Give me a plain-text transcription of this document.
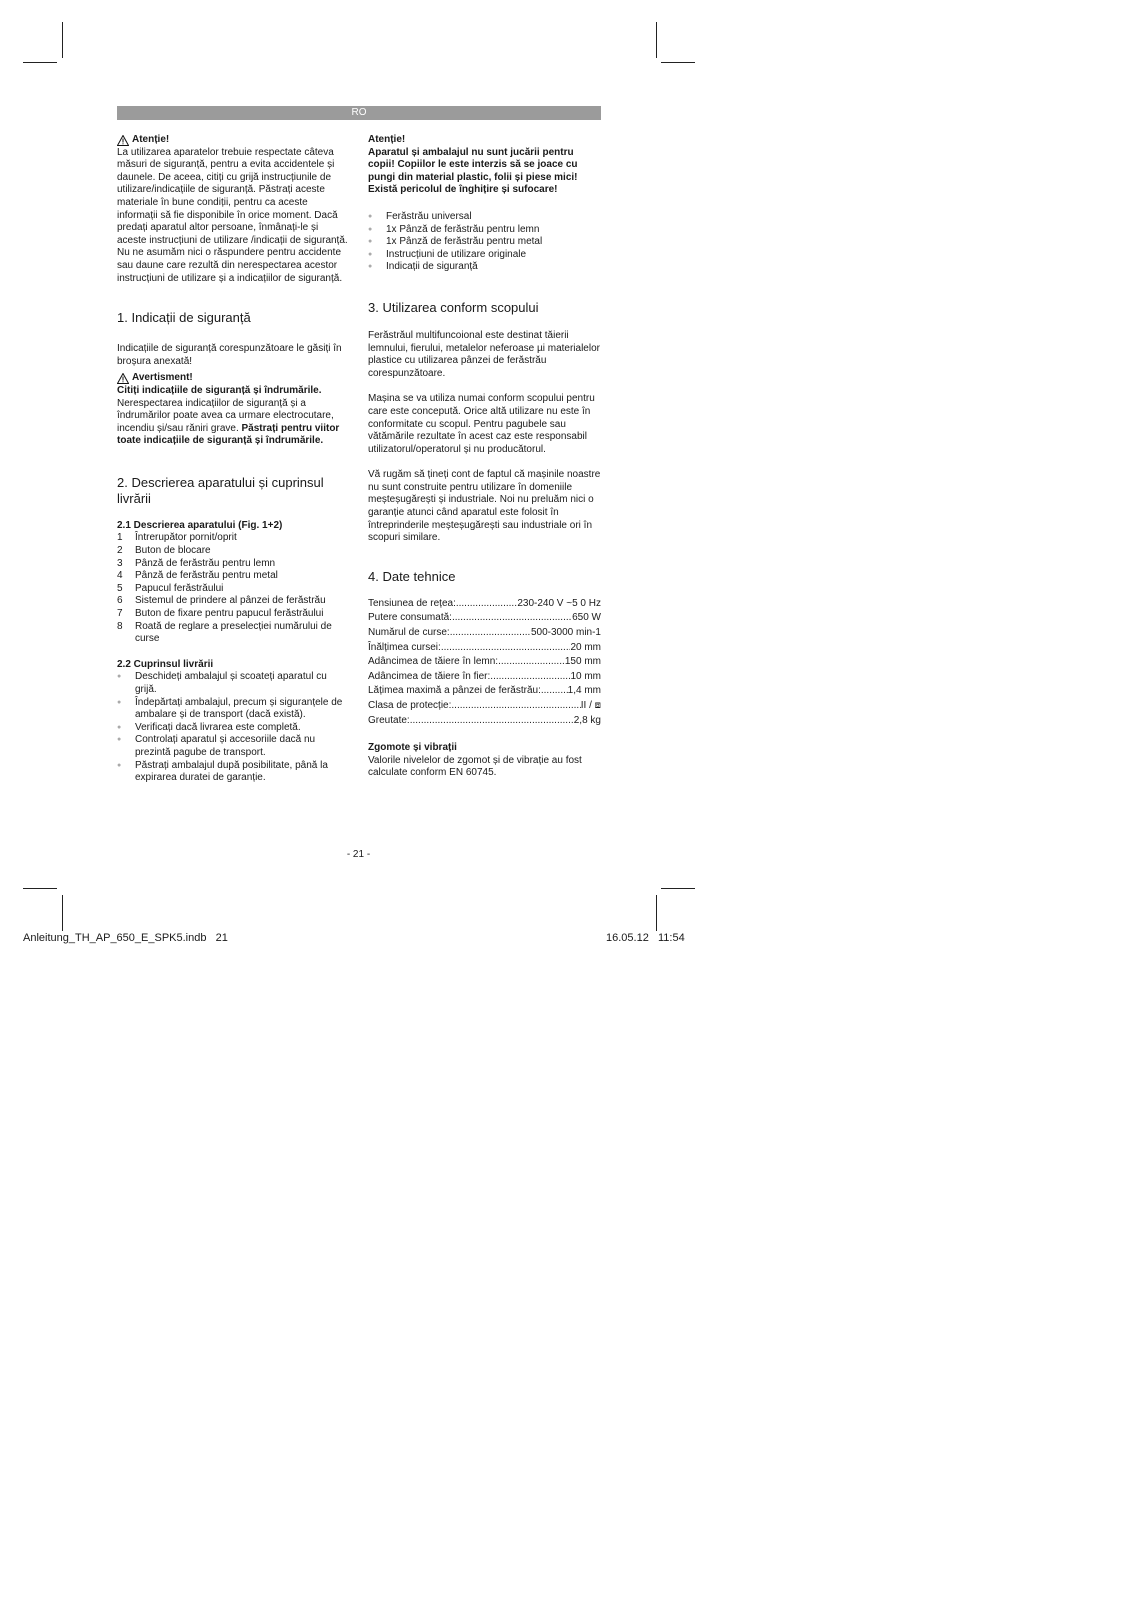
RO
Atenție!

La utilizarea aparatelor trebuie respectate câteva măsuri de siguranță, pentru a evita accidentele și daunele. De aceea, citiți cu grijă instrucțiunile de utilizare/indicațiile de siguranță. Păstrați aceste materiale în bune condiții, pentru ca aceste informații să fie disponibile în orice moment. Dacă predați aparatul altor persoane, înmânați-le și aceste instrucțiuni de utilizare /indicații de siguranță. Nu ne asumăm nici o răspundere pentru accidente sau daune care rezultă din nerespectarea acestor instrucțiuni de utilizare și a indicațiilor de siguranță.

1. Indicații de siguranță

Indicațiile de siguranță corespunzătoare le găsiți în broșura anexată!

Avertisment!

Citiți indicațiile de siguranță și îndrumările. Nerespectarea indicațiilor de siguranță și a îndrumărilor poate avea ca urmare electrocutare, incendiu și/sau răniri grave. Păstrați pentru viitor toate indicațiile de siguranță și îndrumările.

2. Descrierea aparatului și cuprinsul livrării
2.1 Descrierea aparatului (Fig. 1+2)
1	Întrerupător pornit/oprit
2	Buton de blocare
3	Pânză de ferăstrău pentru lemn
4	Pânză de ferăstrău pentru metal
5	Papucul ferăstrăului
6	Sistemul de prindere al pânzei de ferăstrău
7	Buton de fixare pentru papucul ferăstrăului
8	Roată de reglare a preselecției numărului de curse
2.2 Cuprinsul livrării
● Deschideți ambalajul și scoateți aparatul cu grijă.
● Îndepărtați ambalajul, precum și siguranțele de ambalare și de transport (dacă există).
● Verificați dacă livrarea este completă.
● Controlați aparatul și accesoriile dacă nu prezintă pagube de transport.
● Păstrați ambalajul după posibilitate, până la expirarea duratei de garanție.

Atenție!

Aparatul și ambalajul nu sunt jucării pentru copii! Copiilor le este interzis să se joace cu pungi din material plastic, folii și piese mici! Există pericolul de înghițire și sufocare!

● Ferăstrău universal
● 1x Pânză de ferăstrău pentru lemn
● 1x Pânză de ferăstrău pentru metal
● Instrucțiuni de utilizare originale
● Indicații de siguranță
3. Utilizarea conform scopului

Ferăstrăul multifuncoional este destinat tăierii lemnului, fierului, metalelor neferoase µi materialelor plastice cu utilizarea pânzei de ferăstrău corespunzătoare.

Mașina se va utiliza numai conform scopului pentru care este concepută. Orice altă utilizare nu este în conformitate cu scopul. Pentru pagubele sau vătămările rezultate în acest caz este responsabil utilizatorul/operatorul și nu producătorul.

Vă rugăm să țineți cont de faptul că mașinile noastre nu sunt construite pentru utilizare în domeniile meșteșugărești și industriale. Noi nu preluăm nici o garanție atunci când aparatul este folosit în întreprinderile meșteșugărești sau industriale ori în scopuri similare.

4. Date tehnice
Tensiunea de rețea: .....	230-240 V ~5 0 Hz
Putere consumată: .....	650 W
Numărul de curse: .....	500-3000 min-1
Înălțimea cursei: .....	20 mm
Adâncimea de tăiere în lemn: .....	150 mm
Adâncimea de tăiere în fier: .....	10 mm
Lățimea maximă a pânzei de ferăstrău: .....	1,4 mm
Clasa de protecție: .....	II / ⧈
Greutate: .....	2,8 kg
Zgomote și vibrații

Valorile nivelelor de zgomot și de vibrație au fost calculate conform EN 60745.

- 21 -
Anleitung_TH_AP_650_E_SPK5.indb   21	16.05.12   11:54
